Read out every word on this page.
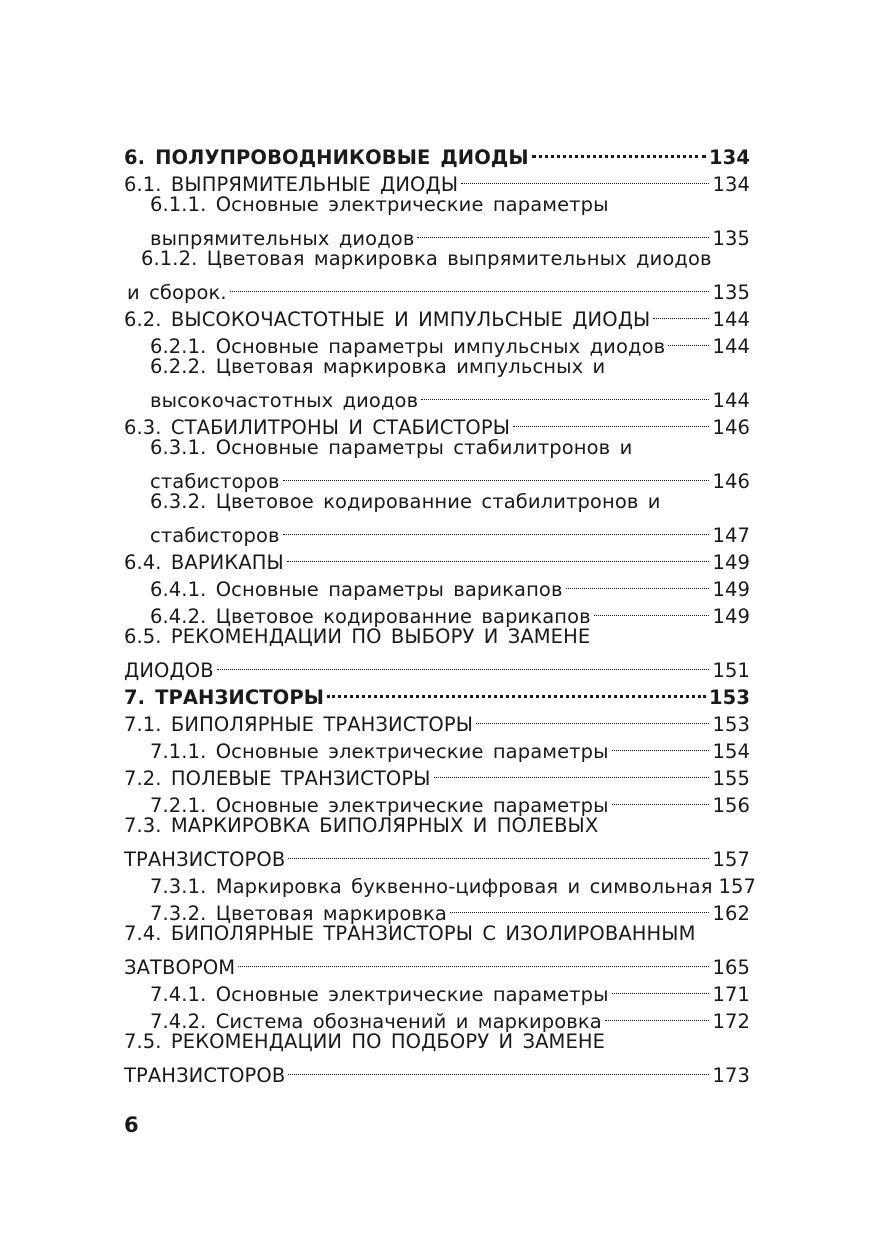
6. ПОЛУПРОВОДНИКОВЫЕ ДИОДЫ	134
6.1. ВЫПРЯМИТЕЛЬНЫЕ ДИОДЫ	134
6.1.1. Основные электрические параметры
выпрямительных диодов	135
6.1.2. Цветовая маркировка выпрямительных диодов
и сборок.	135
6.2. ВЫСОКОЧАСТОТНЫЕ И ИМПУЛЬСНЫЕ ДИОДЫ	144
6.2.1. Основные параметры импульсных диодов 144
6.2.2. Цветовая маркировка импульсных и
высокочастотных диодов	144
6.3. СТАБИЛИТРОНЫ И СТАБИСТОРЫ	146
6.3.1. Основные параметры стабилитронов и
стабисторов	146
6.3.2. Цветовое кодированние стабилитронов и
стабисторов	147
6.4. ВАРИКАПЫ	149
6.4.1. Основные параметры варикапов	149
6.4.2. Цветовое кодированние варикапов	149
6.5. РЕКОМЕНДАЦИИ ПО ВЫБОРУ И ЗАМЕНЕ
ДИОДОВ	151
7. ТРАНЗИСТОРЫ	153
7.1. БИПОЛЯРНЫЕ ТРАНЗИСТОРЫ	153
7.1.1. Основные электрические параметры	154
7.2. ПОЛЕВЫЕ ТРАНЗИСТОРЫ	155
7.2.1. Основные электрические параметры	156
7.3. МАРКИРОВКА БИПОЛЯРНЫХ И ПОЛЕВЫХ
ТРАНЗИСТОРОВ	157
7.3.1. Маркировка буквенно-цифровая и символьная 157
7.3.2. Цветовая маркировка	162
7.4. БИПОЛЯРНЫЕ ТРАНЗИСТОРЫ С ИЗОЛИРОВАННЫМ
ЗАТВОРОМ	165
7.4.1. Основные электрические параметры	171
7.4.2. Система обозначений и маркировка	172
7.5. РЕКОМЕНДАЦИИ ПО ПОДБОРУ И ЗАМЕНЕ
ТРАНЗИСТОРОВ	173
6
